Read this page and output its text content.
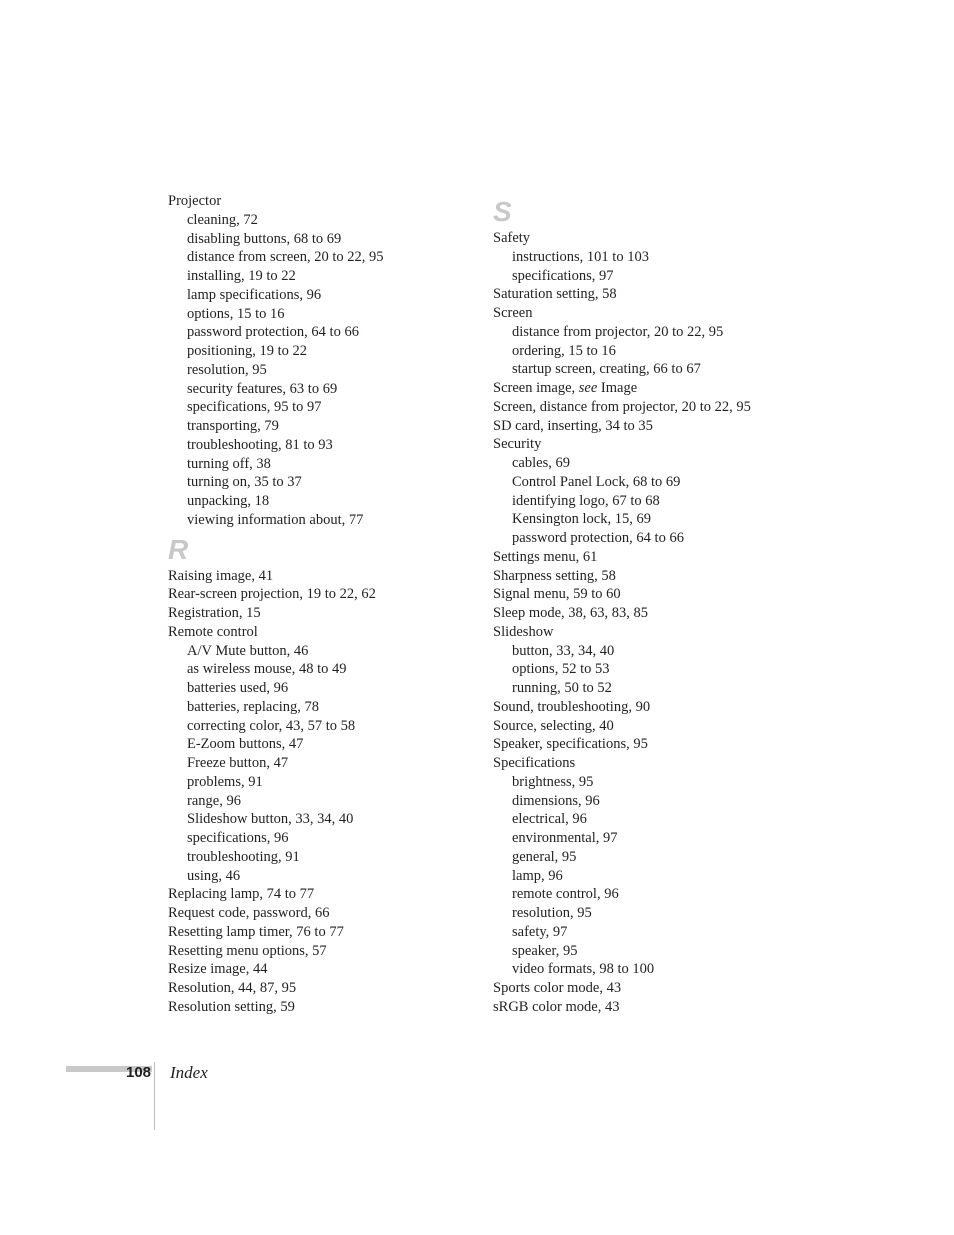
Projector
cleaning, 72
disabling buttons, 68 to 69
distance from screen, 20 to 22, 95
installing, 19 to 22
lamp specifications, 96
options, 15 to 16
password protection, 64 to 66
positioning, 19 to 22
resolution, 95
security features, 63 to 69
specifications, 95 to 97
transporting, 79
troubleshooting, 81 to 93
turning off, 38
turning on, 35 to 37
unpacking, 18
viewing information about, 77
R
Raising image, 41
Rear-screen projection, 19 to 22, 62
Registration, 15
Remote control
A/V Mute button, 46
as wireless mouse, 48 to 49
batteries used, 96
batteries, replacing, 78
correcting color, 43, 57 to 58
E-Zoom buttons, 47
Freeze button, 47
problems, 91
range, 96
Slideshow button, 33, 34, 40
specifications, 96
troubleshooting, 91
using, 46
Replacing lamp, 74 to 77
Request code, password, 66
Resetting lamp timer, 76 to 77
Resetting menu options, 57
Resize image, 44
Resolution, 44, 87, 95
Resolution setting, 59
S
Safety
instructions, 101 to 103
specifications, 97
Saturation setting, 58
Screen
distance from projector, 20 to 22, 95
ordering, 15 to 16
startup screen, creating, 66 to 67
Screen image, see Image
Screen, distance from projector, 20 to 22, 95
SD card, inserting, 34 to 35
Security
cables, 69
Control Panel Lock, 68 to 69
identifying logo, 67 to 68
Kensington lock, 15, 69
password protection, 64 to 66
Settings menu, 61
Sharpness setting, 58
Signal menu, 59 to 60
Sleep mode, 38, 63, 83, 85
Slideshow
button, 33, 34, 40
options, 52 to 53
running, 50 to 52
Sound, troubleshooting, 90
Source, selecting, 40
Speaker, specifications, 95
Specifications
brightness, 95
dimensions, 96
electrical, 96
environmental, 97
general, 95
lamp, 96
remote control, 96
resolution, 95
safety, 97
speaker, 95
video formats, 98 to 100
Sports color mode, 43
sRGB color mode, 43
108 Index
